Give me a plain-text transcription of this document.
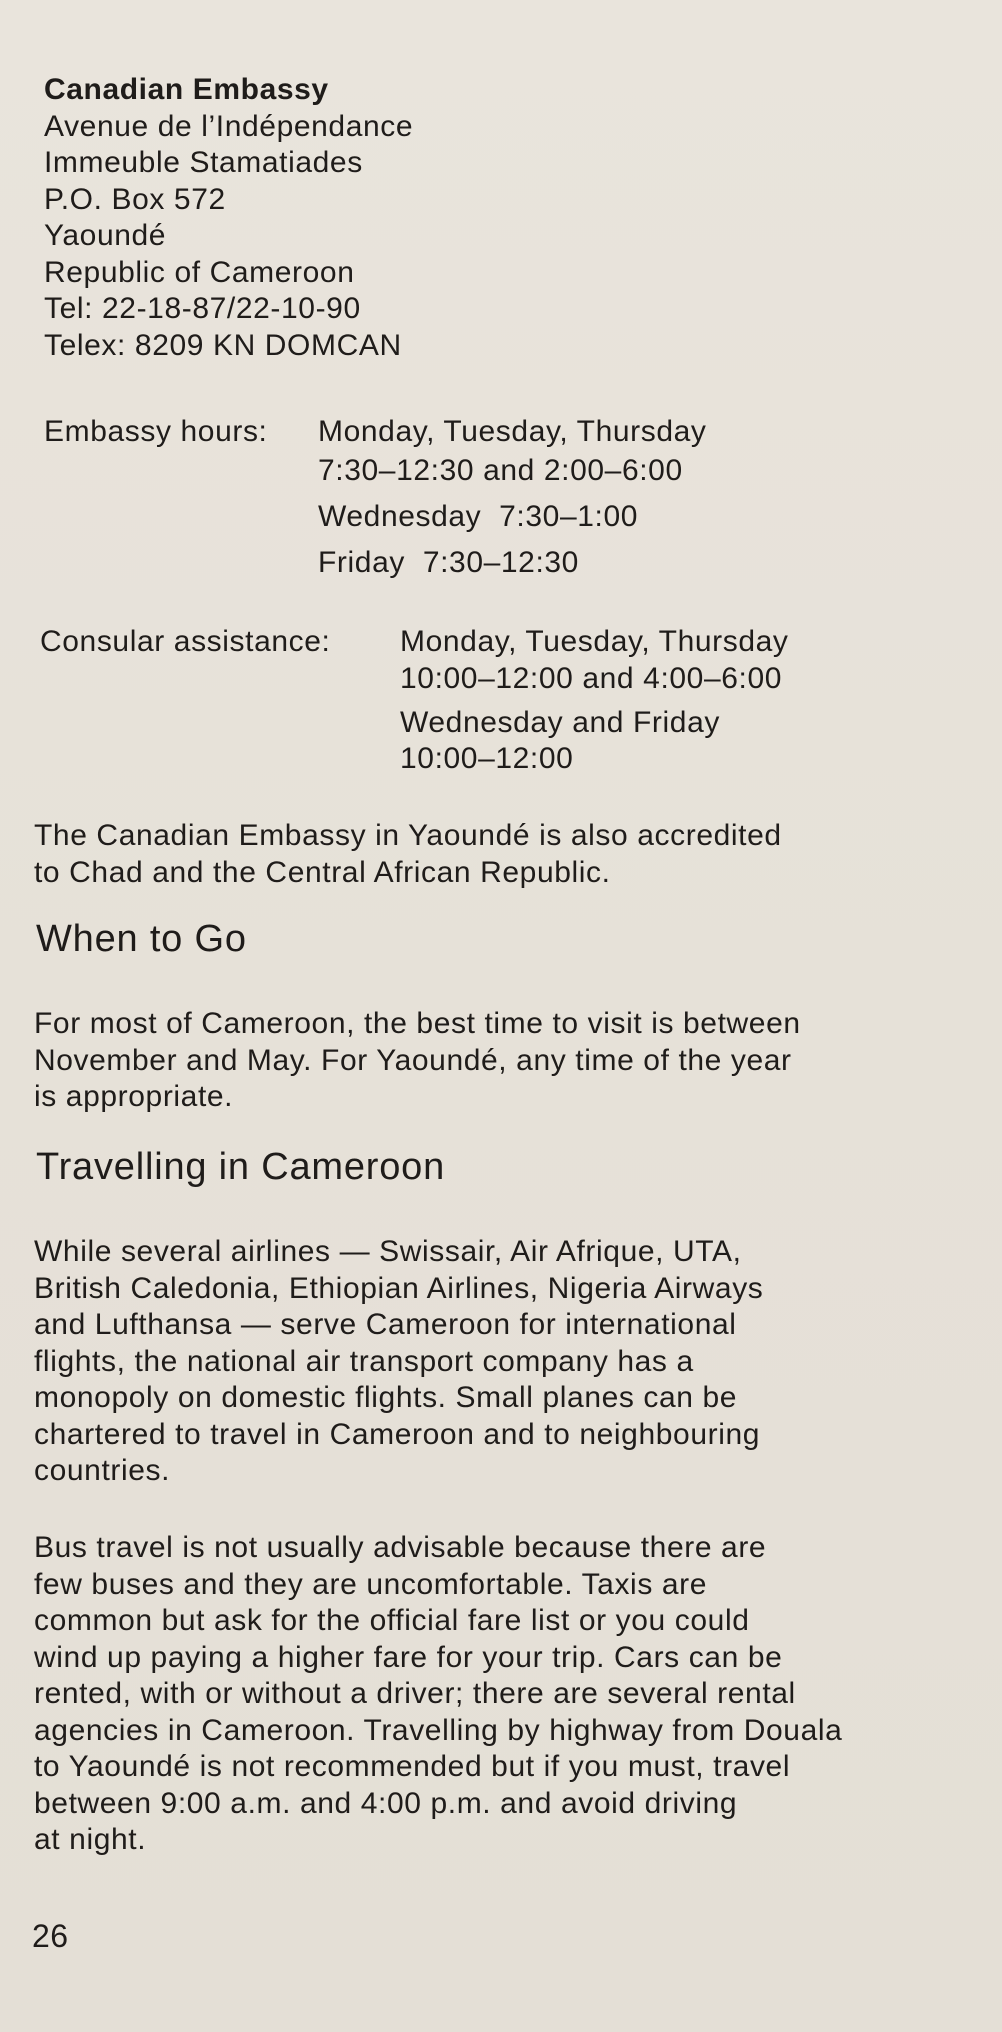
Canadian Embassy
Avenue de l’Indépendance
Immeuble Stamatiades
P.O. Box 572
Yaoundé
Republic of Cameroon
Tel: 22-18-87/22-10-90
Telex: 8209 KN DOMCAN
Embassy hours: Monday, Tuesday, Thursday
7:30–12:30 and 2:00–6:00
Wednesday  7:30–1:00
Friday  7:30–12:30
Consular assistance: Monday, Tuesday, Thursday
10:00–12:00 and 4:00–6:00
Wednesday and Friday
10:00–12:00
The Canadian Embassy in Yaoundé is also accredited
to Chad and the Central African Republic.
When to Go
For most of Cameroon, the best time to visit is between
November and May. For Yaoundé, any time of the year
is appropriate.
Travelling in Cameroon
While several airlines — Swissair, Air Afrique, UTA,
British Caledonia, Ethiopian Airlines, Nigeria Airways
and Lufthansa — serve Cameroon for international
flights, the national air transport company has a
monopoly on domestic flights. Small planes can be
chartered to travel in Cameroon and to neighbouring
countries.
Bus travel is not usually advisable because there are
few buses and they are uncomfortable. Taxis are
common but ask for the official fare list or you could
wind up paying a higher fare for your trip. Cars can be
rented, with or without a driver; there are several rental
agencies in Cameroon. Travelling by highway from Douala
to Yaoundé is not recommended but if you must, travel
between 9:00 a.m. and 4:00 p.m. and avoid driving
at night.
26
